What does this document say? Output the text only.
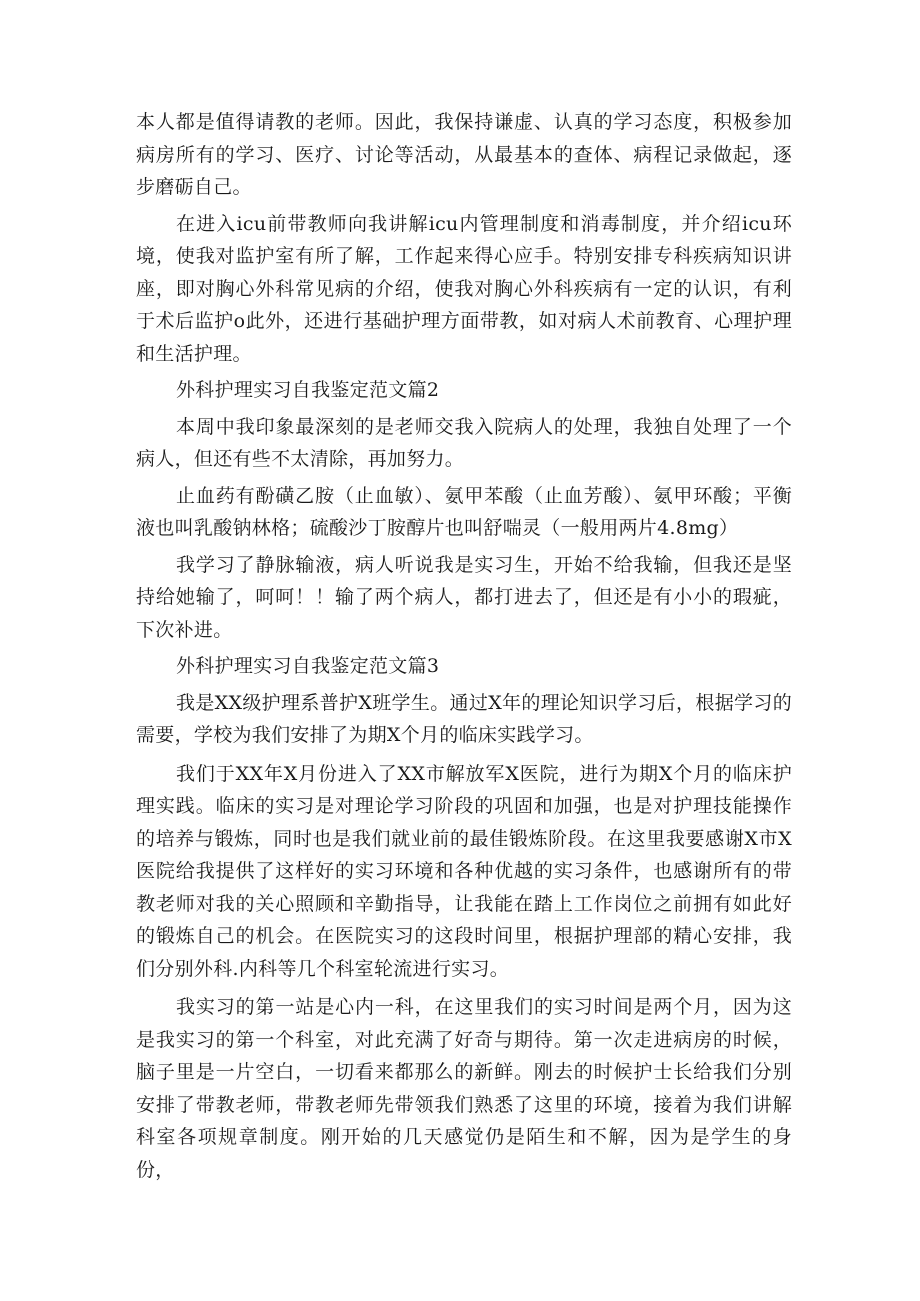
本人都是值得请教的老师。因此，我保持谦虚、认真的学习态度，积极参加病房所有的学习、医疗、讨论等活动，从最基本的查体、病程记录做起，逐步磨砺自己。

在进入icu前带教师向我讲解icu内管理制度和消毒制度，并介绍icu环境，使我对监护室有所了解，工作起来得心应手。特别安排专科疾病知识讲座，即对胸心外科常见病的介绍，使我对胸心外科疾病有一定的认识，有利于术后监护o此外，还进行基础护理方面带教，如对病人术前教育、心理护理和生活护理。

外科护理实习自我鉴定范文篇2

本周中我印象最深刻的是老师交我入院病人的处理，我独自处理了一个病人，但还有些不太清除，再加努力。

止血药有酚磺乙胺（止血敏）、氨甲苯酸（止血芳酸）、氨甲环酸；平衡液也叫乳酸钠林格；硫酸沙丁胺醇片也叫舒喘灵（一般用两片4.8mg）

我学习了静脉输液，病人听说我是实习生，开始不给我输，但我还是坚持给她输了，呵呵！！输了两个病人，都打进去了，但还是有小小的瑕疵，下次补进。

外科护理实习自我鉴定范文篇3

我是XX级护理系普护X班学生。通过X年的理论知识学习后，根据学习的需要，学校为我们安排了为期X个月的临床实践学习。

我们于XX年X月份进入了XX市解放军X医院，进行为期X个月的临床护理实践。临床的实习是对理论学习阶段的巩固和加强，也是对护理技能操作的培养与锻炼，同时也是我们就业前的最佳锻炼阶段。在这里我要感谢X市X医院给我提供了这样好的实习环境和各种优越的实习条件，也感谢所有的带教老师对我的关心照顾和辛勤指导，让我能在踏上工作岗位之前拥有如此好的锻炼自己的机会。在医院实习的这段时间里，根据护理部的精心安排，我们分别外科.内科等几个科室轮流进行实习。

我实习的第一站是心内一科，在这里我们的实习时间是两个月，因为这是我实习的第一个科室，对此充满了好奇与期待。第一次走进病房的时候，脑子里是一片空白，一切看来都那么的新鲜。刚去的时候护士长给我们分别安排了带教老师，带教老师先带领我们熟悉了这里的环境，接着为我们讲解科室各项规章制度。刚开始的几天感觉仍是陌生和不解，因为是学生的身份，
